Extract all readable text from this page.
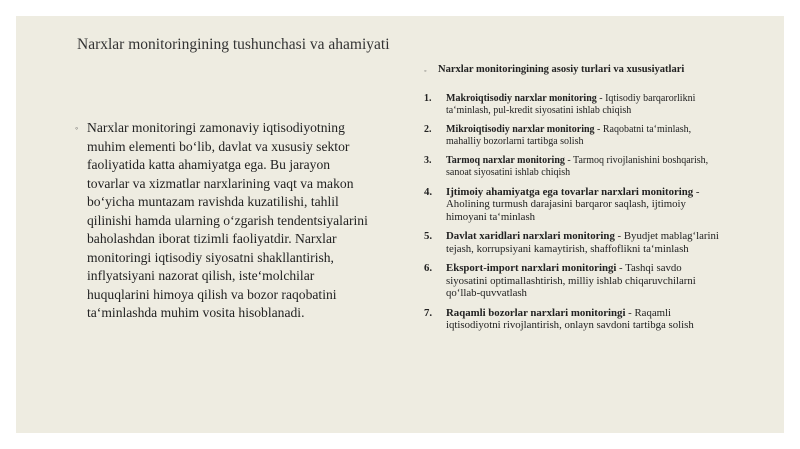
Narxlar monitoringining tushunchasi va ahamiyati
◦ Narxlar monitoringi zamonaviy iqtisodiyotning muhim elementi bo‘lib, davlat va xususiy sektor faoliyatida katta ahamiyatga ega. Bu jarayon tovarlar va xizmatlar narxlarining vaqt va makon bo‘yicha muntazam ravishda kuzatilishi, tahlil qilinishi hamda ularning o‘zgarish tendentsiyalarini baholashdan iborat tizimli faoliyatdir. Narxlar monitoringi iqtisodiy siyosatni shakllantirish, inflyatsiyani nazorat qilish, iste‘molchilar huquqlarini himoya qilish va bozor raqobatini ta‘minlashda muhim vosita hisoblanadi.

◦	Narxlar monitoringining asosiy turlari va xususiyatlari

1.	Makroiqtisodiy narxlar monitoring - Iqtisodiy barqarorlikni ta‘minlash, pul-kredit siyosatini ishlab chiqish
2.	Mikroiqtisodiy narxlar monitoring - Raqobatni ta‘minlash, mahalliy bozorlarni tartibga solish
3.	Tarmoq narxlar monitoring - Tarmoq rivojlanishini boshqarish, sanoat siyosatini ishlab chiqish
4.	Ijtimoiy ahamiyatga ega tovarlar narxlari monitoring - Aholining turmush darajasini barqaror saqlash, ijtimoiy himoyani ta‘minlash
5.	Davlat xaridlari narxlari monitoring - Byudjet mablag‘larini tejash, korrupsiyani kamaytirish, shaffoflikni ta‘minlash
6.	Eksport-import narxlari monitoringi - Tashqi savdo siyosatini optimallashtirish, milliy ishlab chiqaruvchilarni qo‘llab-quvvatlash
7.	Raqamli bozorlar narxlari monitoringi - Raqamli iqtisodiyotni rivojlantirish, onlayn savdoni tartibga solish
